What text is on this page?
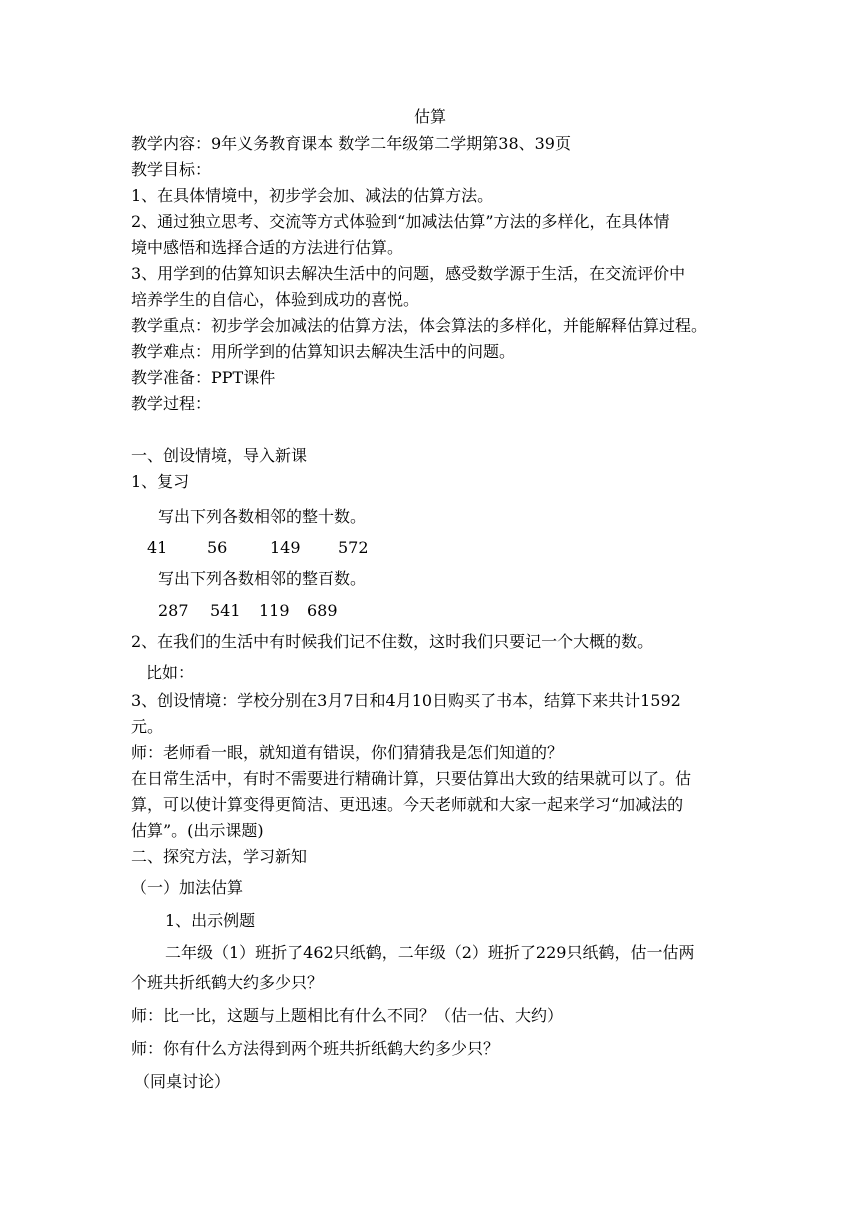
估算
教学内容：9年义务教育课本 数学二年级第二学期第38、39页
教学目标：
1、在具体情境中，初步学会加、减法的估算方法。
2、通过独立思考、交流等方式体验到“加减法估算”方法的多样化，在具体情
境中感悟和选择合适的方法进行估算。
3、用学到的估算知识去解决生活中的问题，感受数学源于生活，在交流评价中
培养学生的自信心，体验到成功的喜悦。
教学重点：初步学会加减法的估算方法，体会算法的多样化，并能解释估算过程。
教学难点：用所学到的估算知识去解决生活中的问题。
教学准备：PPT课件
教学过程：
一、创设情境，导入新课
1、复习
写出下列各数相邻的整十数。
41 56	149 572
写出下列各数相邻的整百数。
287 541 119 689
2、在我们的生活中有时候我们记不住数，这时我们只要记一个大概的数。
比如：
3、创设情境：学校分别在3月7日和4月10日购买了书本，结算下来共计1592
元。
师：老师看一眼，就知道有错误，你们猜猜我是怎们知道的？
在日常生活中，有时不需要进行精确计算，只要估算出大致的结果就可以了。估
算，可以使计算变得更简洁、更迅速。今天老师就和大家一起来学习“加减法的
估算”。(出示课题)
二、探究方法，学习新知
（一）加法估算
1、出示例题
二年级（1）班折了462只纸鹤，二年级（2）班折了229只纸鹤，估一估两
个班共折纸鹤大约多少只？
师：比一比，这题与上题相比有什么不同？（估一估、大约）
师：你有什么方法得到两个班共折纸鹤大约多少只？
（同桌讨论）
